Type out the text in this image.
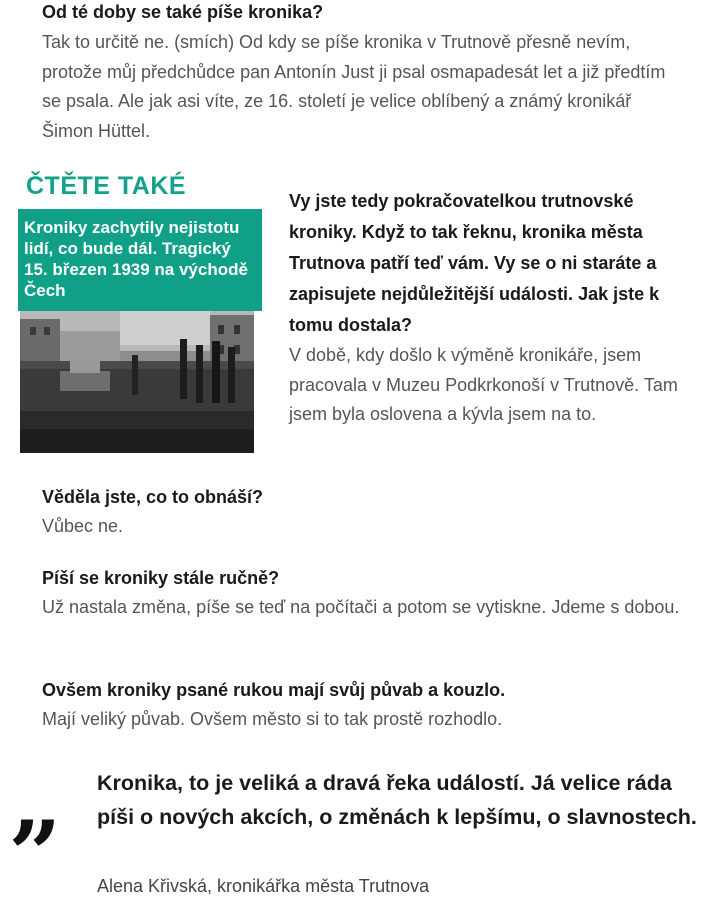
Od té doby se také píše kronika?
Tak to určitě ne. (smích) Od kdy se píše kronika v Trutnově přesně nevím, protože můj předchůdce pan Antonín Just ji psal osmapadesát let a již předtím se psala. Ale jak asi víte, ze 16. století je velice oblíbený a známý kronikář Šimon Hüttel.
ČTĚTE TAKÉ
Kroniky zachytily nejistotu lidí, co bude dál. Tragický 15. březen 1939 na východě Čech
Vy jste tedy pokračovatelkou trutnovské kroniky. Když to tak řeknu, kronika města Trutnova patří teď vám. Vy se o ni staráte a zapisujete nejdůležitější události. Jak jste k tomu dostala?
V době, kdy došlo k výměně kronikáře, jsem pracovala v Muzeu Podkrkonoší v Trutnově. Tam jsem byla oslovena a kývla jsem na to.
Věděla jste, co to obnáší?
Vůbec ne.
Píší se kroniky stále ručně?
Už nastala změna, píše se teď na počítači a potom se vytiskne. Jdeme s dobou.
Ovšem kroniky psané rukou mají svůj půvab a kouzlo.
Mají veliký půvab. Ovšem město si to tak prostě rozhodlo.
„ Kronika, to je veliká a dravá řeka událostí. Já velice ráda píši o nových akcích, o změnách k lepšímu, o slavnostech.
Alena Křivská, kronikářka města Trutnova
